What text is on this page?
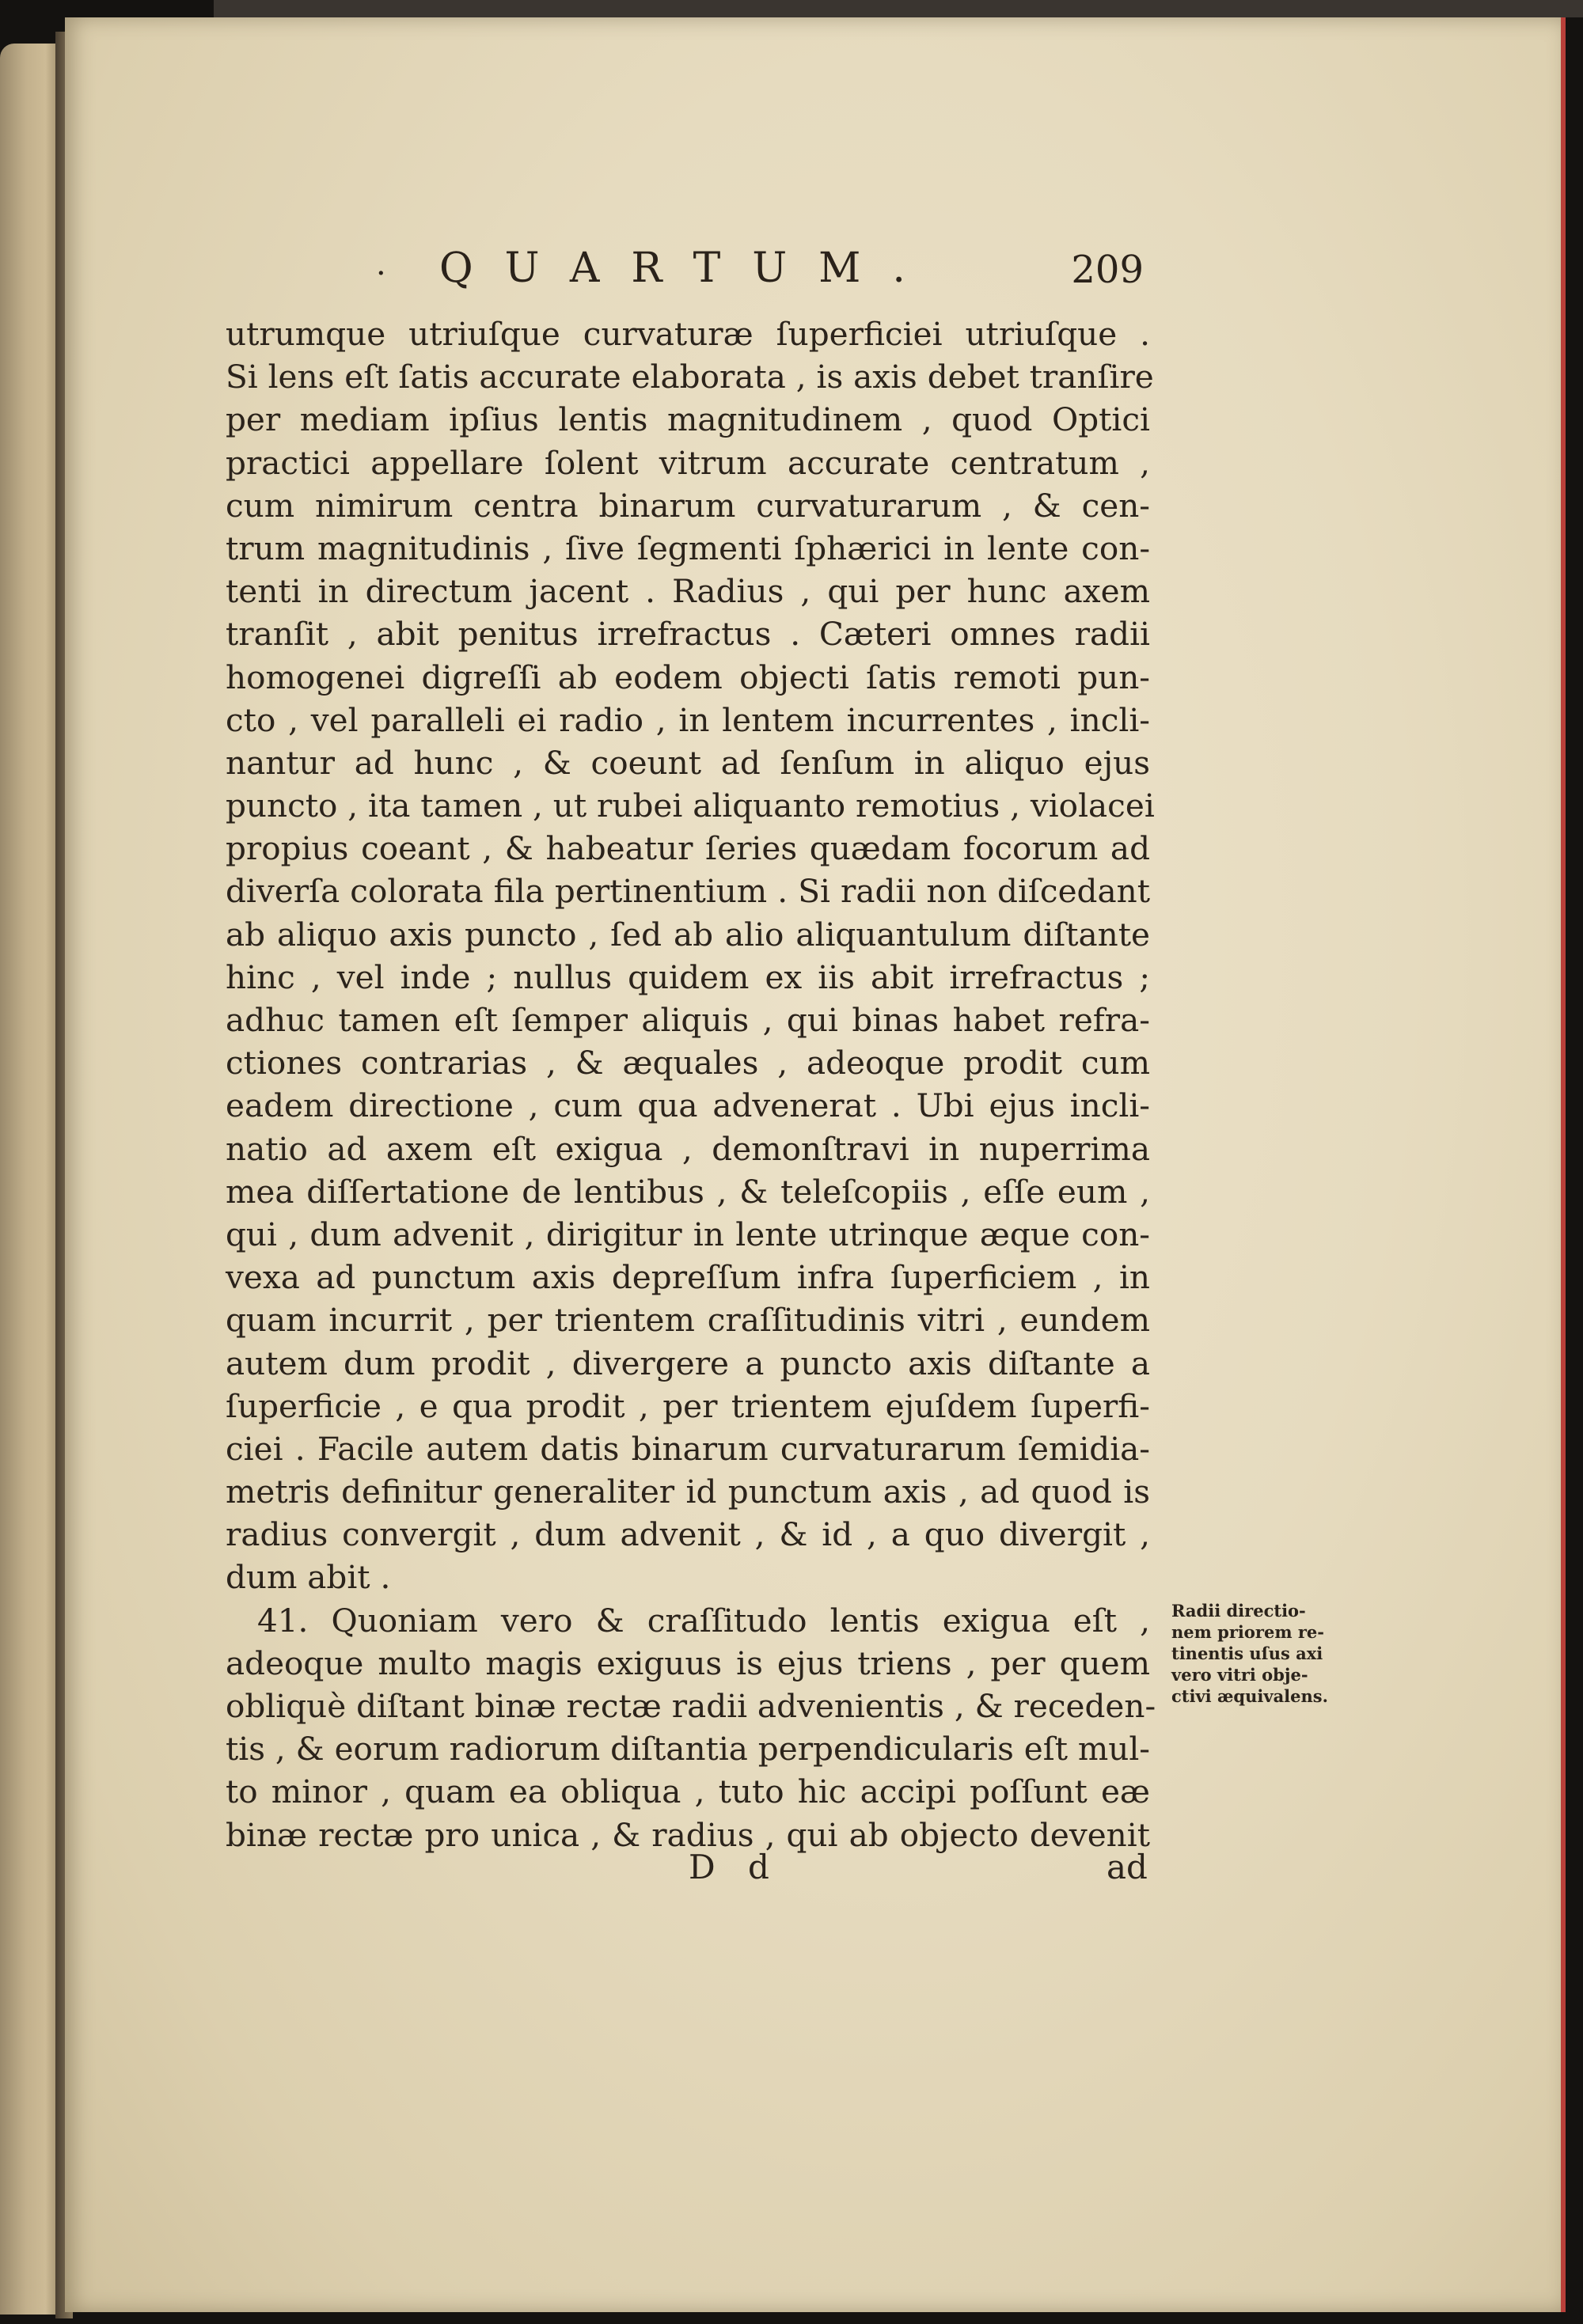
· QUARTUM.	209
utrumque utriuſque curvaturæ ſuperficiei utriuſque .
Si lens eſt ſatis accurate elaborata , is axis debet tranſire
per mediam ipſius lentis magnitudinem , quod Optici
practici appellare ſolent vitrum accurate centratum ,
cum nimirum centra binarum curvaturarum , & cen-
trum magnitudinis , ſive ſegmenti ſphærici in lente con-
tenti in directum jacent . Radius , qui per hunc axem
tranſit , abit penitus irrefractus . Cæteri omnes radii
homogenei digreſſi ab eodem objecti ſatis remoti pun-
cto , vel paralleli ei radio , in lentem incurrentes , incli-
nantur ad hunc , & coeunt ad ſenſum in aliquo ejus
puncto , ita tamen , ut rubei aliquanto remotius , violacei
propius coeant , & habeatur ſeries quædam focorum ad
diverſa colorata fila pertinentium . Si radii non diſcedant
ab aliquo axis puncto , ſed ab alio aliquantulum diſtante
hinc , vel inde ; nullus quidem ex iis abit irrefractus ;
adhuc tamen eſt ſemper aliquis , qui binas habet refra-
ctiones contrarias , & æquales , adeoque prodit cum
eadem directione , cum qua advenerat . Ubi ejus incli-
natio ad axem eſt exigua , demonſtravi in nuperrima
mea diſſertatione de lentibus , & teleſcopiis , eſſe eum ,
qui , dum advenit , dirigitur in lente utrinque æque con-
vexa ad punctum axis depreſſum infra ſuperficiem , in
quam incurrit , per trientem craſſitudinis vitri , eundem
autem dum prodit , divergere a puncto axis diſtante a
ſuperficie , e qua prodit , per trientem ejuſdem ſuperfi-
ciei . Facile autem datis binarum curvaturarum ſemidia-
metris definitur generaliter id punctum axis , ad quod is
radius convergit , dum advenit , & id , a quo divergit ,
dum abit .
41. Quoniam vero & craſſitudo lentis exigua eſt ,
adeoque multo magis exiguus is ejus triens , per quem
obliquè diſtant binæ rectæ radii advenientis , & receden-
tis , & eorum radiorum diſtantia perpendicularis eſt mul-
to minor , quam ea obliqua , tuto hic accipi poſſunt eæ
binæ rectæ pro unica , & radius , qui ab objecto devenit
Radii directio-
nem priorem re-
tinentis uſus axi
vero vitri obje-
ctivi æquivalens.
D d	ad
